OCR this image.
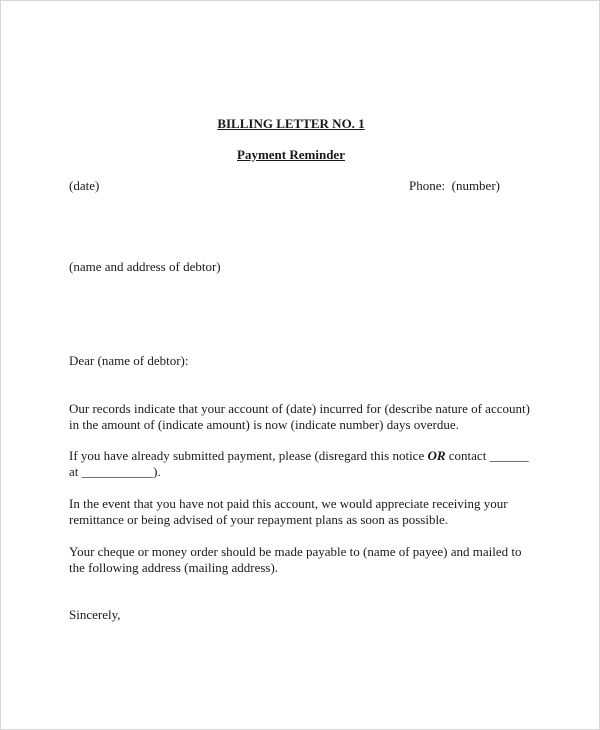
BILLING LETTER NO. 1
Payment Reminder
(date)	Phone:  (number)
(name and address of debtor)
Dear (name of debtor):

Our records indicate that your account of (date) incurred for (describe nature of account)
in the amount of (indicate amount) is now (indicate number) days overdue.

If you have already submitted payment, please (disregard this notice OR contact ______
at ___________).

In the event that you have not paid this account, we would appreciate receiving your
remittance or being advised of your repayment plans as soon as possible.

Your cheque or money order should be made payable to (name of payee) and mailed to
the following address (mailing address).

Sincerely,
